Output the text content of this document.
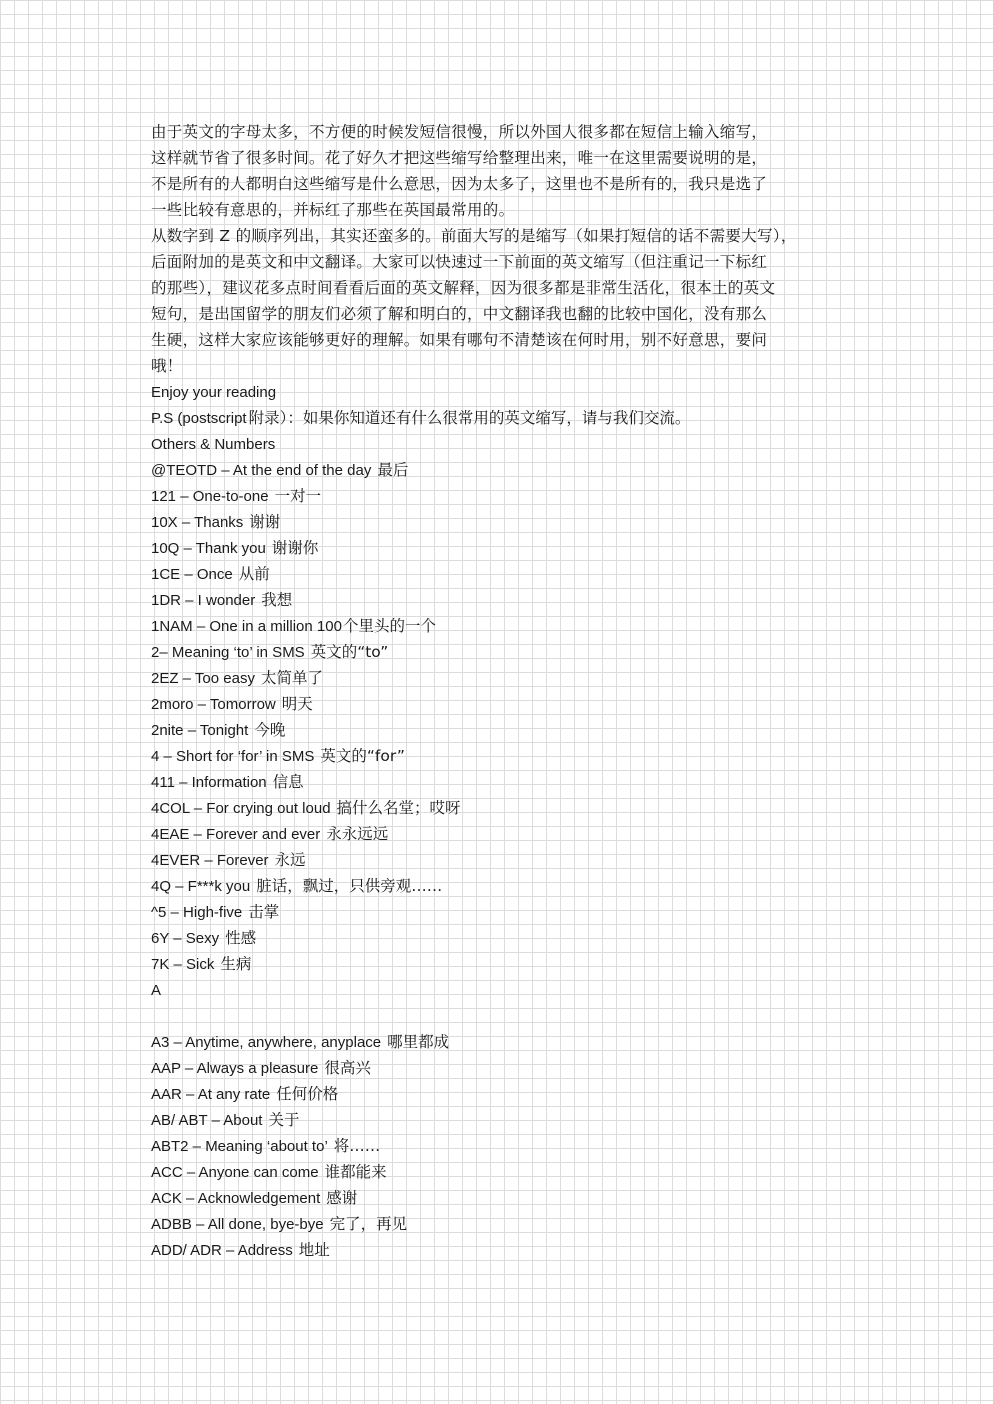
由于英文的字母太多，不方便的时候发短信很慢，所以外国人很多都在短信上输入缩写，

这样就节省了很多时间。花了好久才把这些缩写给整理出来，唯一在这里需要说明的是，

不是所有的人都明白这些缩写是什么意思，因为太多了，这里也不是所有的，我只是选了

一些比较有意思的，并标红了那些在英国最常用的。

从数字到 Z 的顺序列出，其实还蛮多的。前面大写的是缩写（如果打短信的话不需要大写），

后面附加的是英文和中文翻译。大家可以快速过一下前面的英文缩写（但注重记一下标红

的那些），建议花多点时间看看后面的英文解释，因为很多都是非常生活化，很本土的英文

短句，是出国留学的朋友们必须了解和明白的，中文翻译我也翻的比较中国化，没有那么

生硬，这样大家应该能够更好的理解。如果有哪句不清楚该在何时用，别不好意思，要问

哦！

Enjoy your reading
P.S (postscript 附录）：如果你知道还有什么很常用的英文缩写，请与我们交流。
Others & Numbers
@TEOTD – At the end of the day 最后
121 – One-to-one 一对一
10X – Thanks 谢谢
10Q – Thank you 谢谢你
1CE – Once 从前
1DR – I wonder 我想
1NAM – One in a million 100个里头的一个
2– Meaning ‘to’ in SMS 英文的“to”
2EZ – Too easy 太简单了
2moro – Tomorrow 明天
2nite – Tonight 今晚
4 – Short for ‘for’ in SMS 英文的“for”
411 – Information 信息
4COL – For crying out loud 搞什么名堂；哎呀
4EAE – Forever and ever 永永远远
4EVER – Forever 永远
4Q – F***k you 脏话，飘过，只供旁观……
^5 – High-five 击掌
6Y – Sexy 性感
7K – Sick 生病
A
A3 – Anytime, anywhere, anyplace 哪里都成
AAP – Always a pleasure 很高兴
AAR – At any rate 任何价格
AB/ ABT – About 关于
ABT2 – Meaning ‘about to’ 将……
ACC – Anyone can come 谁都能来
ACK – Acknowledgement 感谢
ADBB – All done, bye-bye 完了，再见
ADD/ ADR – Address 地址
